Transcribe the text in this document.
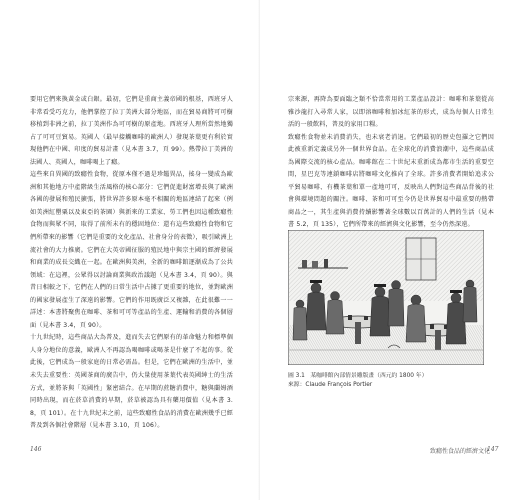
要用它們來換黃金或白銀。最初，它們是重商主義帝國的根基，西班牙人非常看受巧克力，他們掌控了拉丁美洲大部分地區，而在貿易商將可可樹移植到非洲之前，拉丁美洲作為可可樹的原產地。西班牙人理所當然地獨占了可可豆貿易。英國人（最早接觸咖啡的歐洲人）發現茶葉更有利於實現他們在中國、印度的貿易計畫（見本書 3.7，頁 99）。熱帶拉丁美洲的法國人、英國人，咖啡喝上了癮。

這些來自異國的致癮性食物，從原本僅不過是珍饈異品，搖身一變成為歐洲和其他地方中產階級生活風格的核心部分：它們促進財富增長與了歐洲各國的發展和殖民擴張，將世界許多原本毫不相關的地區連結了起來（例如美洲紅罌粟以及東亞的茶園）與新來的工業家、勞工們也因這種致癮性食物而與眾不同，取得了前所未有的穩固地位：還有這些致癮性食物和它們所帶來的影響（它們是重要的文化產品、社會身分的表徵），吸引歐洲上流社會的大力推廣。它們在大英帝國征服的殖民地中與宗主國的經濟發展和商業的成長交織在一起。在歐洲與美洲，全新的咖啡館逐漸成為了公共領域：在這裡，公眾得以討論商業與政治議題（見本書 3.4，頁 90）。與昔日相較之下，它們在人們的日常生活中占據了更重要的地位，並對歐洲的國家發展產生了深遠的影響。它們的作用既廣泛又複雜，在此很難一一詳述：本書將聚焦在咖啡、茶和可可等產品的生產、運輸和消費的各個層面（見本書 3.4，頁 90）。

十九世紀時，這些商品大為普及，進而失去它們原有的革命魅力和標準個人身分地位的意義，歐洲人不再認為喝咖啡或喝茶是什麼了不起的事。從此後，它們成為一般家庭的日常必需品。但是，它們在歐洲的生活中，並未失去重要性：英國茶商的廣告中，仍大量使用茶葉代表英國紳士的生活方式，並將茶與「英國性」緊密結合。在早期的蔗糖消費中，糖與蘭姆酒同時出現，而在菸草消費的早期，菸草被認為具有藥用價值（見本書 3.8，頁 101）。在十九世紀末之前，這些致癮性食品的消費在歐洲幾乎已經普及到各個社會階層（見本書 3.10，頁 106）。

146

宗來源，再降為要面臨之類不恰當常用的工業產品設計：咖啡和茶葉從高雅沙龍打入尋常人家，以即溶咖啡和加冰紅茶的形式，成為每個人日常生活的一般飲料，普及的家用口糧。

致癮性食物並未消費消失，也未衰老消退。它們最初的歷史包羅之它們因此被重新定義成另外一個世界食品。在全球化的消費浪潮中，這些商品成為國際交流的核心產品。咖啡館在二十世紀末重新成為都市生活的重要空間，星巴克等連鎖咖啡店將咖啡文化推向了全球。許多消費者開始追求公平貿易咖啡、有機茶葉和單一產地可可，反映出人們對這些商品背後的社會與環境問題的關注。咖啡、茶和可可至今仍是世界貿易中最重要的熱帶商品之一，其生產與消費持續影響著全球數以百萬計的人們的生活（見本書 5.2，頁 135），它們所帶來的經濟與文化影響，至今仍然深遠。

圖 3.1 某咖啡館內部情景雕版畫（西元約 1800 年）
來源：Claude François Portier
致癮性食品的經濟文化
147
